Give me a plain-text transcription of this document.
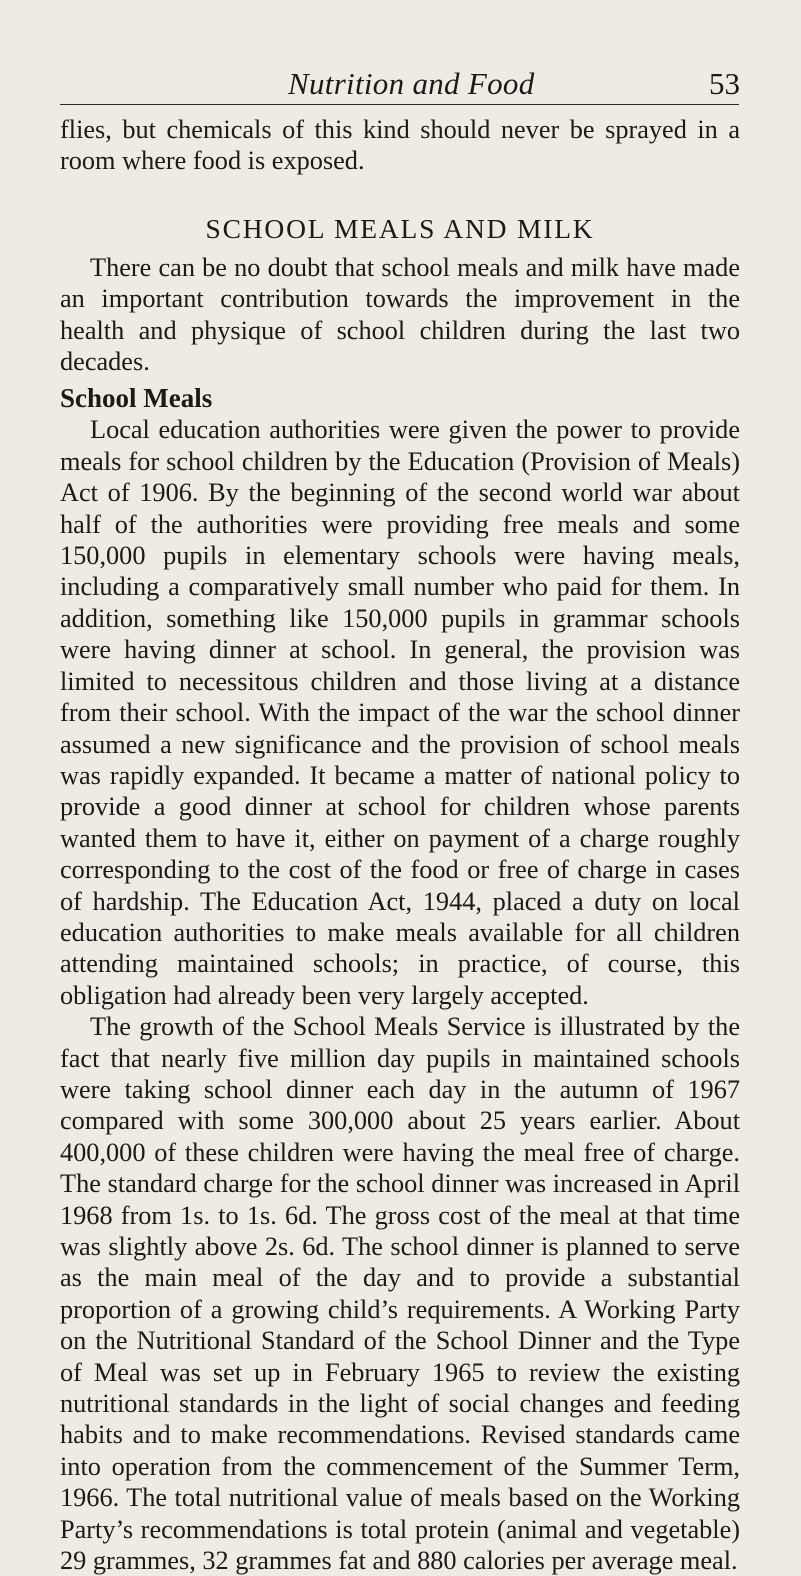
Nutrition and Food	53

flies, but chemicals of this kind should never be sprayed in a room where food is exposed.

SCHOOL MEALS AND MILK

There can be no doubt that school meals and milk have made an important contribution towards the improvement in the health and physique of school children during the last two decades.

School Meals

Local education authorities were given the power to provide meals for school children by the Education (Provision of Meals) Act of 1906. By the beginning of the second world war about half of the authorities were providing free meals and some 150,000 pupils in elementary schools were having meals, including a comparatively small number who paid for them. In addition, something like 150,000 pupils in grammar schools were having dinner at school. In general, the provision was limited to necessitous children and those living at a distance from their school. With the impact of the war the school dinner assumed a new significance and the provision of school meals was rapidly expanded. It became a matter of national policy to provide a good dinner at school for children whose parents wanted them to have it, either on payment of a charge roughly corresponding to the cost of the food or free of charge in cases of hardship. The Education Act, 1944, placed a duty on local education authorities to make meals available for all children attending maintained schools; in practice, of course, this obligation had already been very largely accepted.

The growth of the School Meals Service is illustrated by the fact that nearly five million day pupils in maintained schools were taking school dinner each day in the autumn of 1967 compared with some 300,000 about 25 years earlier. About 400,000 of these children were having the meal free of charge. The standard charge for the school dinner was increased in April 1968 from 1s. to 1s. 6d. The gross cost of the meal at that time was slightly above 2s. 6d. The school dinner is planned to serve as the main meal of the day and to provide a substantial proportion of a growing child’s requirements. A Working Party on the Nutritional Standard of the School Dinner and the Type of Meal was set up in February 1965 to review the existing nutritional standards in the light of social changes and feeding habits and to make recommendations. Revised standards came into operation from the commencement of the Summer Term, 1966. The total nutritional value of meals based on the Working Party’s recommendations is total protein (animal and vegetable) 29 grammes, 32 grammes fat and 880 calories per average meal.
